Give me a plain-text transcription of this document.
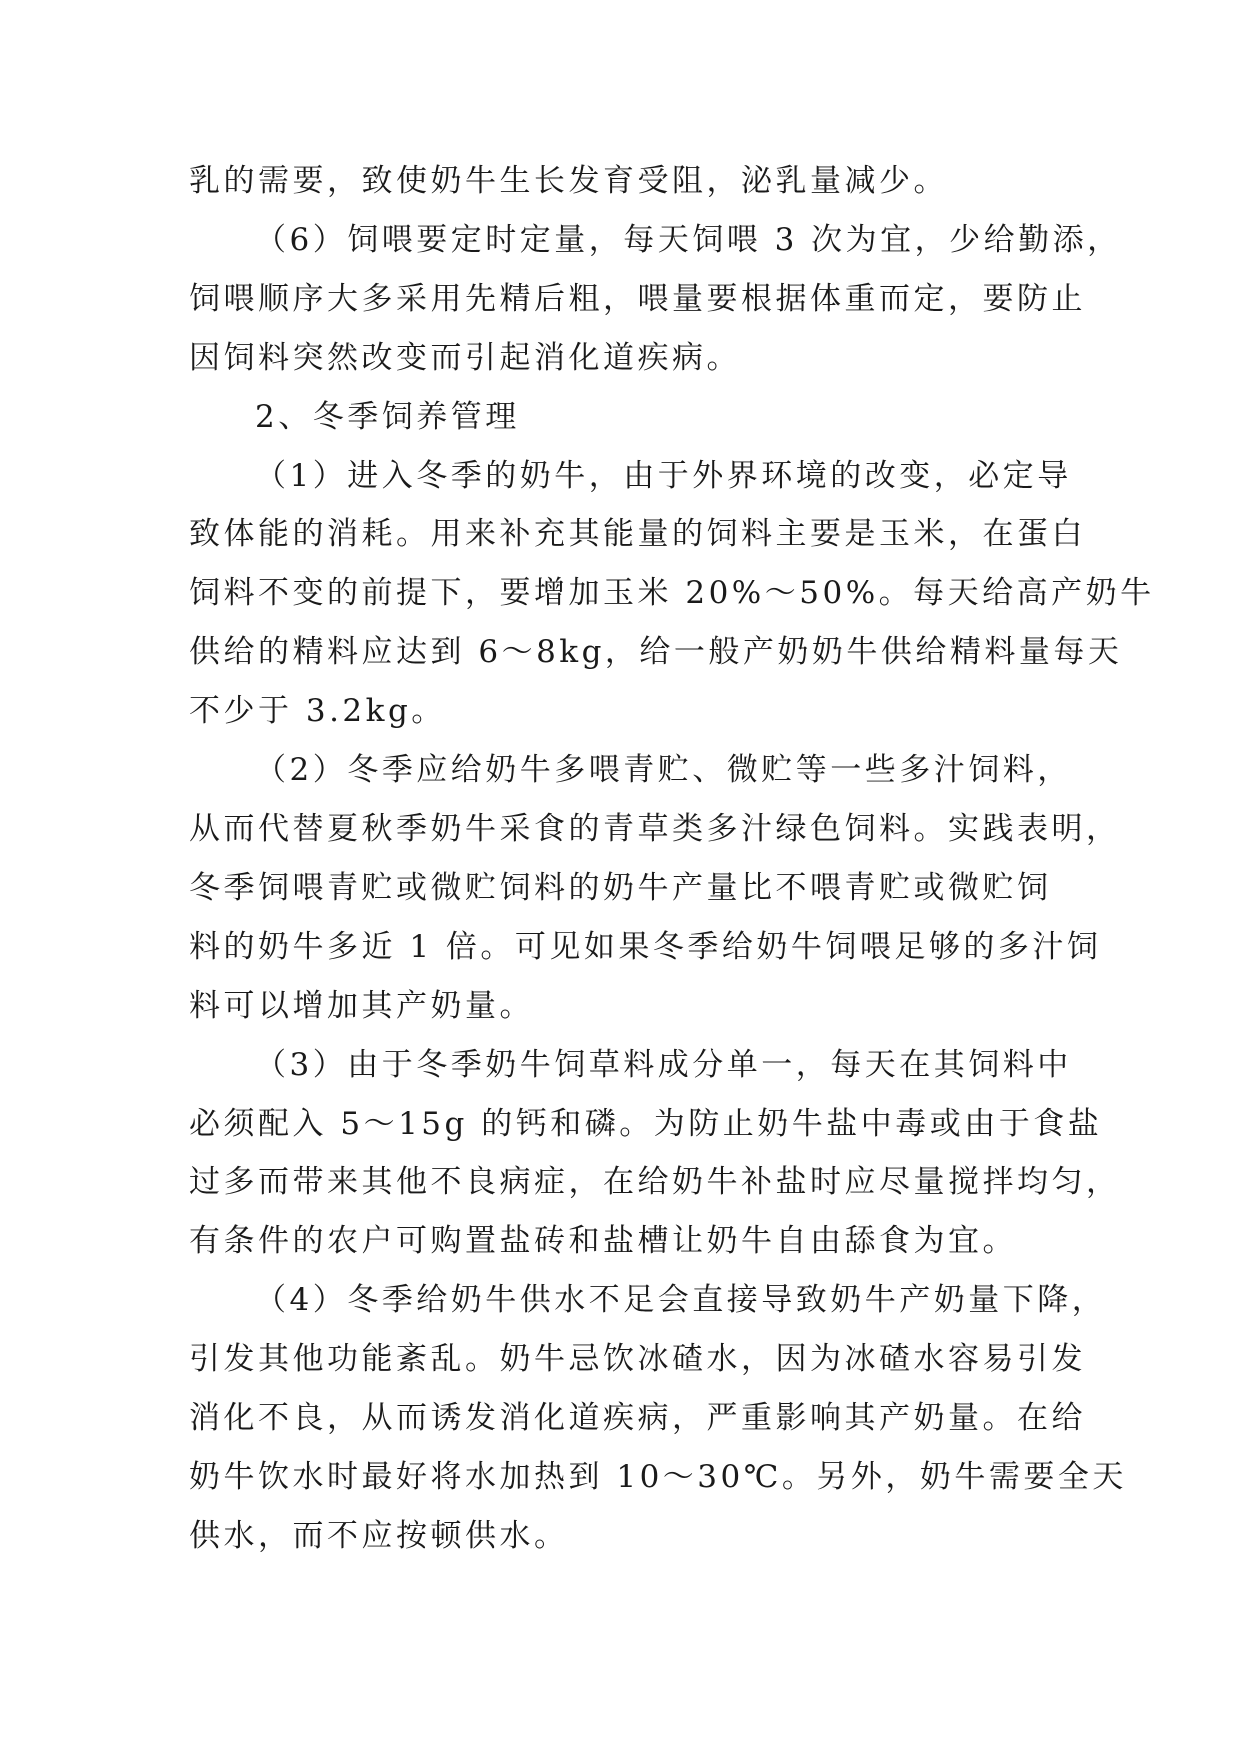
乳的需要，致使奶牛生长发育受阻，泌乳量减少。

（6）饲喂要定时定量，每天饲喂 3 次为宜，少给勤添，
饲喂顺序大多采用先精后粗，喂量要根据体重而定，要防止
因饲料突然改变而引起消化道疾病。

2、冬季饲养管理

（1）进入冬季的奶牛，由于外界环境的改变，必定导
致体能的消耗。用来补充其能量的饲料主要是玉米，在蛋白
饲料不变的前提下，要增加玉米 20%～50%。每天给高产奶牛
供给的精料应达到 6～8kg，给一般产奶奶牛供给精料量每天
不少于 3.2kg。

（2）冬季应给奶牛多喂青贮、微贮等一些多汁饲料，
从而代替夏秋季奶牛采食的青草类多汁绿色饲料。实践表明，
冬季饲喂青贮或微贮饲料的奶牛产量比不喂青贮或微贮饲
料的奶牛多近 1 倍。可见如果冬季给奶牛饲喂足够的多汁饲
料可以增加其产奶量。

（3）由于冬季奶牛饲草料成分单一，每天在其饲料中
必须配入 5～15g 的钙和磷。为防止奶牛盐中毒或由于食盐
过多而带来其他不良病症，在给奶牛补盐时应尽量搅拌均匀，
有条件的农户可购置盐砖和盐槽让奶牛自由舔食为宜。

（4）冬季给奶牛供水不足会直接导致奶牛产奶量下降，
引发其他功能紊乱。奶牛忌饮冰碴水，因为冰碴水容易引发
消化不良，从而诱发消化道疾病，严重影响其产奶量。在给
奶牛饮水时最好将水加热到 10～30℃。另外，奶牛需要全天
供水，而不应按顿供水。
